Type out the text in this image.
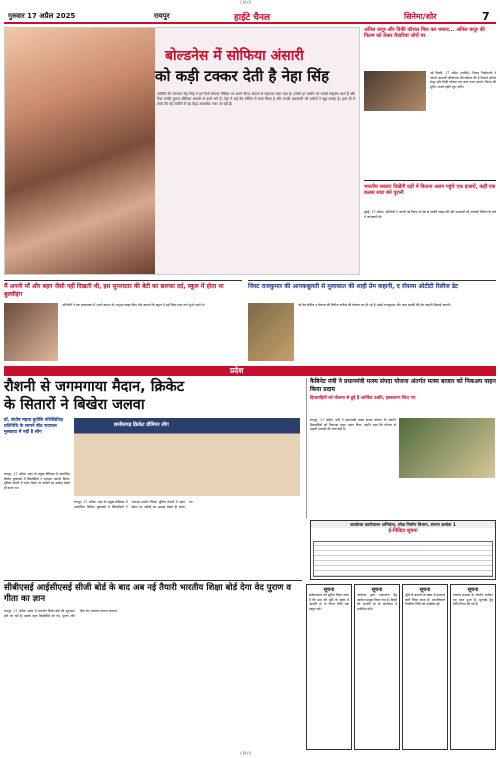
CMYK
गुरुवार 17 अप्रैल 2025	रायपुर	हाईटे चैनल	सिनेमा/शोर	7
बोल्डनेस में सोफिया अंसारी
को कड़ी टक्कर देती है नेहा सिंह
ओटीटी की जानकर नेहा सिंह ने इन दिनों सोशल मीडिया पर अपने बोल्ड अंदाज से तहलका मचा रखा है। उनकी हर तस्वीर पर लाखों लाइक्स आते हैं और फैंस उनकी तुलना सोफिया अंसारी से करने लगे हैं। नेहा ने कई वेब सीरीज में काम किया है और उनकी अदाकारी को दर्शकों ने खूब सराहा है। हाल ही में शेयर की गई तस्वीरों में वह बेहद आकर्षक नजर आ रही हैं।
अनिल कपूर और विकी कौशल मिल कर धमाल... अनिल कपूर की फिल्म को लेकर तैयारियां जोरों पर
नई दिल्ली, 17 अप्रैल (एजेंसी)। फिल्म निर्माताओं ने अपनी आगामी परियोजना की घोषणा की है जिसमें अनिल कपूर और विकी कौशल एक साथ नजर आएंगे। फिल्म की शूटिंग अगले महीने शुरू होगी।
भारतीय सकारा दिखेंगी ग्रहों में कितना अलग पहुंचे एक हजारों, कहीं एक कलस सारा बने पुरानी
मुंबई, 17 अप्रैल। अभिनेत्री ने अपनी नई फिल्म के सेट से तस्वीरें साझा कीं और प्रशंसकों को आगामी रिलीज के बारे में जानकारी दी।
मैं अपनी माँ और बहन जैसी नहीं दिखती थी, इस सुपरस्टार की बेटी का छलका दर्द, स्कूल में होता था बुल्लीइंग
अभिनेत्री ने एक साक्षात्कार में अपने बचपन के अनुभव साझा किए और बताया कि स्कूल में उन्हें किस तरह ताने सुनने पड़ते थे।
जिस्ट राजकुमार की आपकबूलती से मुलाकात की शाही प्रेम कहानी, द रॉयल्स ओटीटी रिलीज डेट
नई वेब सीरीज द रॉयल्स की रिलीज तारीख की घोषणा कर दी गई है। इसमें राजकुमार और आम लड़की की प्रेम कहानी दिखाई जाएगी।
प्रदेश
रौशनी से जगमगाया मैदान, क्रिकेट
के सितारों ने बिखेरा जलवा
डॉ. संतोष महत्व बुजेलि परिस्थितिज्ञ प्रतिनिधि के सामने बीत रायपाल मुस्कावा में नहीं है लीग
छत्तीसगढ़ क्रिकेट प्रीमियर लीग
रायपुर, 17 अप्रैल। शहर के प्रमुख स्टेडियम में आयोजित क्रिकेट मुकाबले में खिलाड़ियों ने शानदार प्रदर्शन किया। दूधिया रोशनी में नहाए मैदान पर दर्शकों का उत्साह देखते ही बनता था।
रायपुर, 17 अप्रैल। शहर के प्रमुख स्टेडियम में आयोजित क्रिकेट मुकाबले में खिलाड़ियों ने शानदार प्रदर्शन किया। दूधिया रोशनी में नहाए मैदान पर दर्शकों का उत्साह देखते ही बनता था।
सीबीएसई आईसीएसई सीजी बोर्ड के बाद अब नई तैयारी भारतीय शिक्षा बोर्ड देगा वेद पुराण व गीता का ज्ञान
रायपुर, 17 अप्रैल। प्रदेश में भारतीय शिक्षा बोर्ड की शुरुआत होने जा रही है। इसके तहत विद्यार्थियों को वेद, पुराण और गीता का अध्ययन कराया जाएगा।
कैबिनेट मंत्री ने प्रधानमंत्री मत्स्य संपदा योजना अंतर्गत मत्स्य बाजार को पिकअप वाहन किया प्रदाय
हितग्राहियों को योजना से हुई है आर्थिक उन्नति, इस्तकरण किए गए
रायपुर, 17 अप्रैल। मंत्री ने प्रधानमंत्री मत्स्य संपदा योजना के अंतर्गत हितग्राहियों को पिकअप वाहन प्रदान किए। उन्होंने कहा कि योजना से मछली पालकों की आय बढ़ी है।
कार्यालय कार्यपालन अभियंता, लोक निर्माण विभाग, संभाग क्रमांक 1
ई-निविदा सूचना
सूचना
सर्वसाधारण को सूचित किया जाता है कि ग्राम की भूमि के संबंध में आपत्ति हो तो नियत तिथि तक प्रस्तुत करें।
सूचना
आवेदक द्वारा नामांतरण हेतु आवेदन प्रस्तुत किया गया है। किसी को आपत्ति हो तो कार्यालय में उपस्थित होवें।
सूचना
भूमि के बटवारे के संबंध में इश्तहार जारी किया जाता है। आपत्तिकर्ता निर्धारित तिथि को उपस्थित हों।
सूचना
प्रकरण क्रमांक के अंतर्गत आवेदन पत्र प्राप्त हुआ है। सुनवाई हेतु तिथि नियत की गई है।
CMYK
